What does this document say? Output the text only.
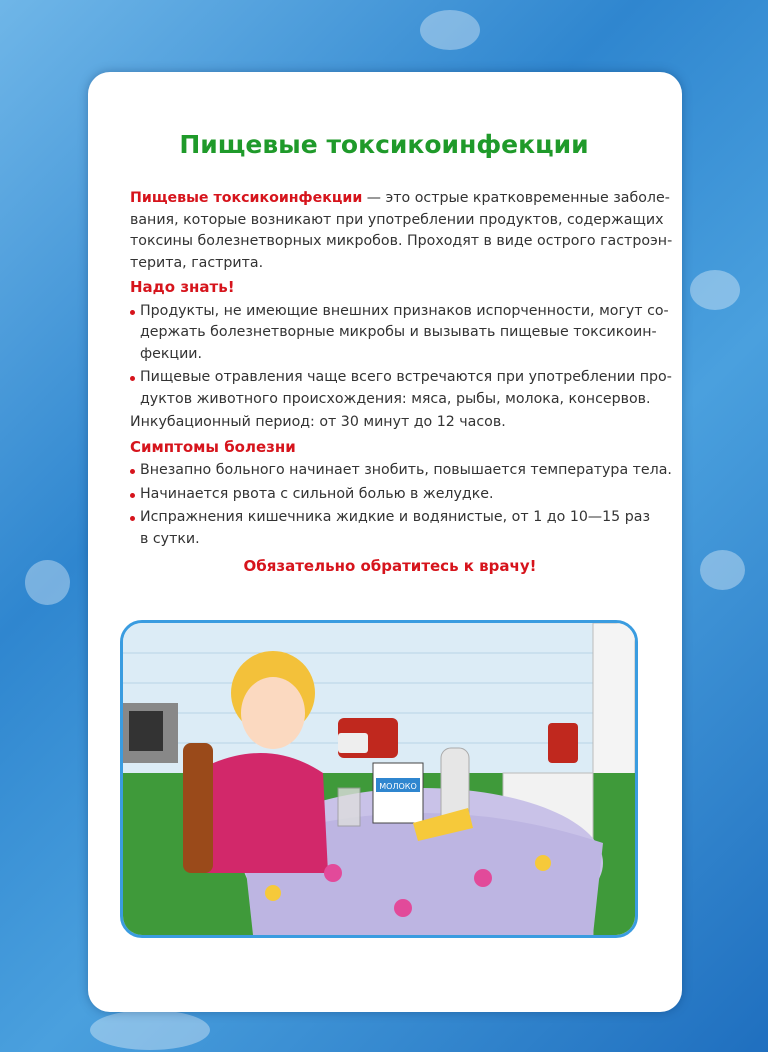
Пищевые токсикоинфекции
Пищевые токсикоинфекции — это острые кратковременные заболе-
вания, которые возникают при употреблении продуктов, содержащих
токсины болезнетворных микробов. Проходят в виде острого гастроэн-
терита, гастрита.
Надо знать!
Продукты, не имеющие внешних признаков испорченности, могут со-
держать болезнетворные микробы и вызывать пищевые токсикоин-
фекции.
Пищевые отравления чаще всего встречаются при употреблении про-
дуктов животного происхождения: мяса, рыбы, молока, консервов.
Инкубационный период: от 30 минут до 12 часов.
Симптомы болезни
Внезапно больного начинает знобить, повышается температура тела.
Начинается рвота с сильной болью в желудке.
Испражнения кишечника жидкие и водянистые, от 1 до 10—15 раз
в сутки.
Обязательно обратитесь к врачу!
МОЛОКО
